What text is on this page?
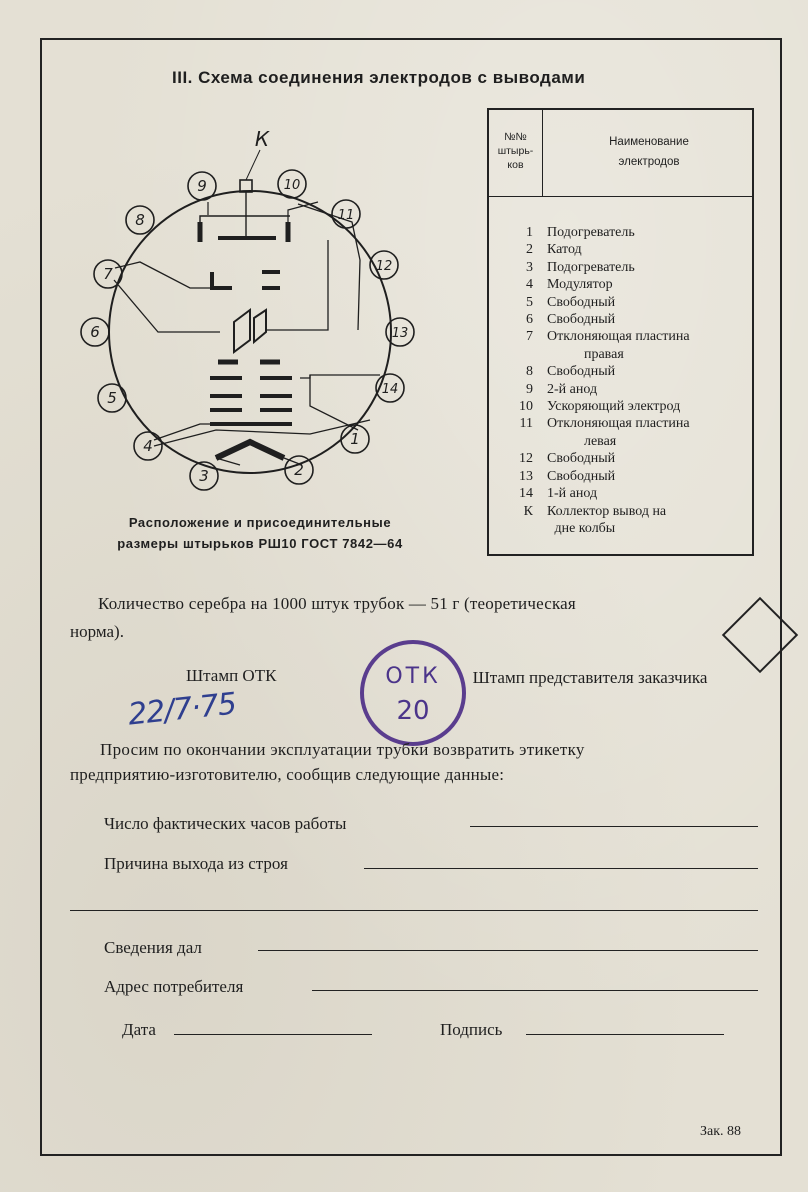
III. Схема соединения электродов с выводами
1
2
3
4
5
6
7
8
9	10
11
12
13
14
К
Расположение и присоединительные
размеры штырьков РШ10 ГОСТ 7842—64
№№ штырь- ков
Наименование
электродов
1	Подогреватель
2	Катод
3	Подогреватель
4	Модулятор
5	Свободный
6	Свободный
7	Отклоняющая пластина
правая
8	Свободный
9	2-й анод
10	Ускоряющий электрод
11	Отклоняющая пластина
левая
12	Свободный
13	Свободный
14	1-й анод
К	Коллектор вывод на
дне колбы
Количество серебра на 1000 штук трубок — 51 г (теоретическая
норма).
Штамп ОТК	Штамп представителя заказчика
22/7·75
ОТК
20
Просим по окончании эксплуатации трубки возвратить этикетку
предприятию-изготовителю, сообщив следующие данные:
Число фактических часов работы
Причина выхода из строя
Сведения дал
Адрес потребителя
Дата	Подпись
Зак. 88
